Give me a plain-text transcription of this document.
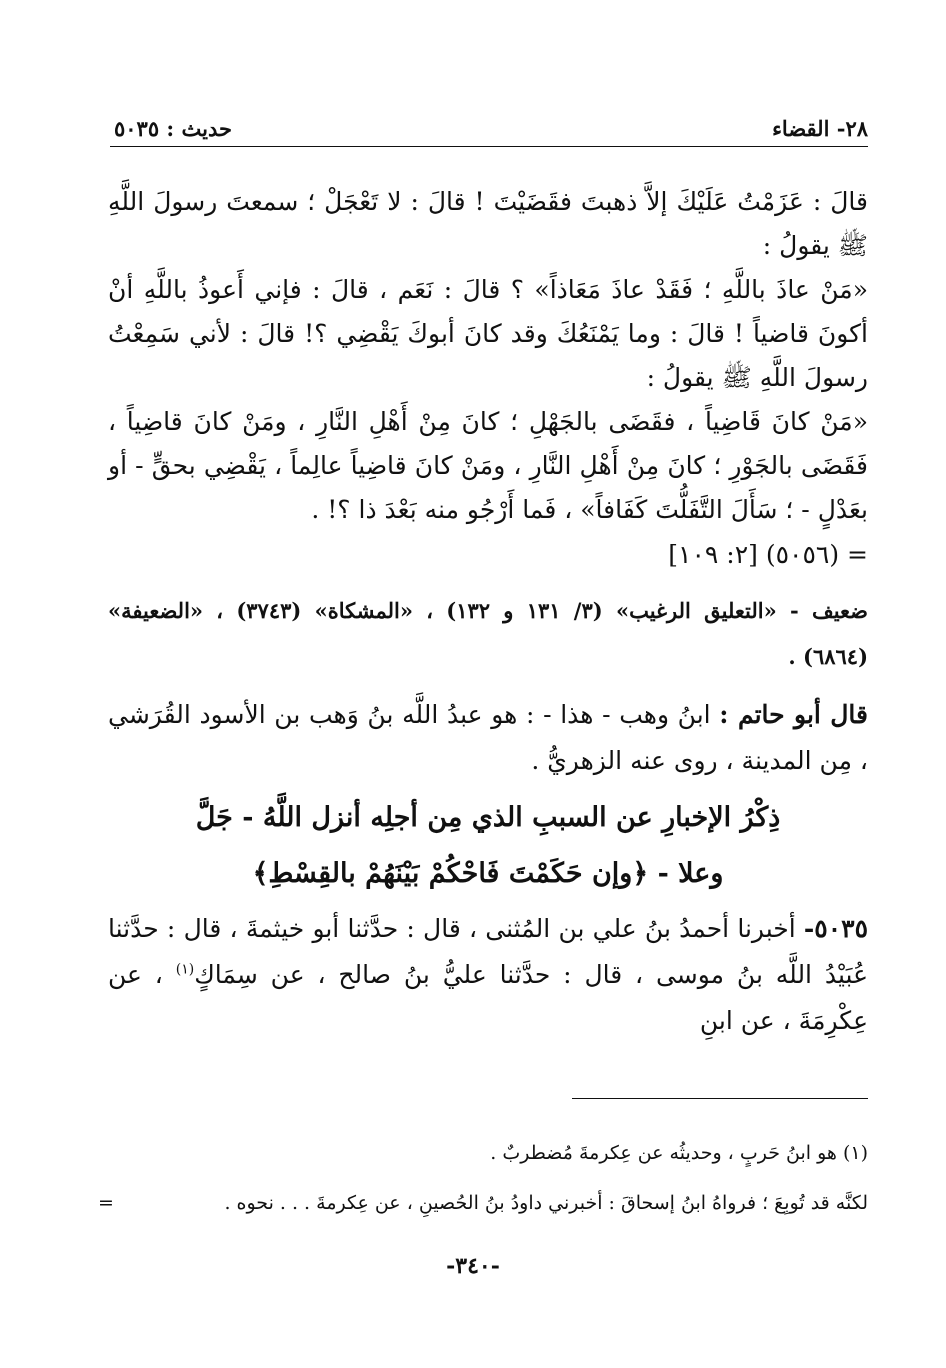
٢٨- القضاء
حديث : ٥٠٣٥

قالَ : عَزَمْتُ عَلَيْكَ إلاَّ ذهبتَ فقَضَيْتَ ! قالَ : لا تَعْجَلْ ؛ سمعتَ رسولَ اللَّهِ ﷺ يقولُ :

«مَنْ عاذَ باللَّهِ ؛ فَقَدْ عاذَ مَعَاذاً» ؟ قالَ : نَعَم ، قالَ : فإني أَعوذُ باللَّهِ أنْ أكونَ قاضياً ! قالَ : وما يَمْنَعُكَ وقد كانَ أبوكَ يَقْضِي ؟! قالَ : لأني سَمِعْتُ رسولَ اللَّهِ ﷺ يقولُ :

«مَنْ كانَ قَاضِياً ، فقَضَى بالجَهْلِ ؛ كانَ مِنْ أَهْلِ النَّارِ ، ومَنْ كانَ قاضِياً ، فَقَضَى بالجَوْرِ ؛ كانَ مِنْ أَهْلِ النَّارِ ، ومَنْ كانَ قاضِياً عالِماً ، يَقْضِي بحقٍّ - أو بعَدْلٍ - ؛ سَأَلَ التَّفَلُّتَ كَفَافاً» ، فَما أَرْجُو منه بَعْدَ ذا ؟! .

= (٥٠٥٦) [٢: ١٠٩]

ضعيف - «التعليق الرغيب» (٣/ ١٣١ و ١٣٢) ، «المشكاة» (٣٧٤٣) ، «الضعيفة» (٦٨٦٤) .

قال أبو حاتم : ابنُ وهب - هذا - : هو عبدُ اللَّه بنُ وَهب بن الأسود القُرَشي ، مِن المدينة ، روى عنه الزهريُّ .

ذِكْرُ الإخبارِ عن السببِ الذي مِن أجلِه أنزل اللَّهُ - جَلَّ
وعلا - ﴿وإن حَكَمْتَ فَاحْكُمْ بَيْنَهُمْ بالقِسْطِ﴾

٥٠٣٥- أخبرنا أحمدُ بنُ علي بن المُثنى ، قال : حدَّثنا أبو خيثمةَ ، قال : حدَّثنا عُبَيْدُ اللَّه بنُ موسى ، قال : حدَّثنا عليُّ بنُ صالح ، عن سِمَاكٍ$^{(١)}$ ، عن عِكْرِمَةَ ، عن ابنِ

(١) هو ابنُ حَربٍ ، وحديثُه عن عِكرمةَ مُضطربٌ .

لكنَّه قد تُوبِعَ ؛ فرواهُ ابنُ إسحاقَ : أخبرني داودُ بنُ الحُصينِ ، عن عِكرمةَ . . . نحوه .
=

-٣٤٠-
